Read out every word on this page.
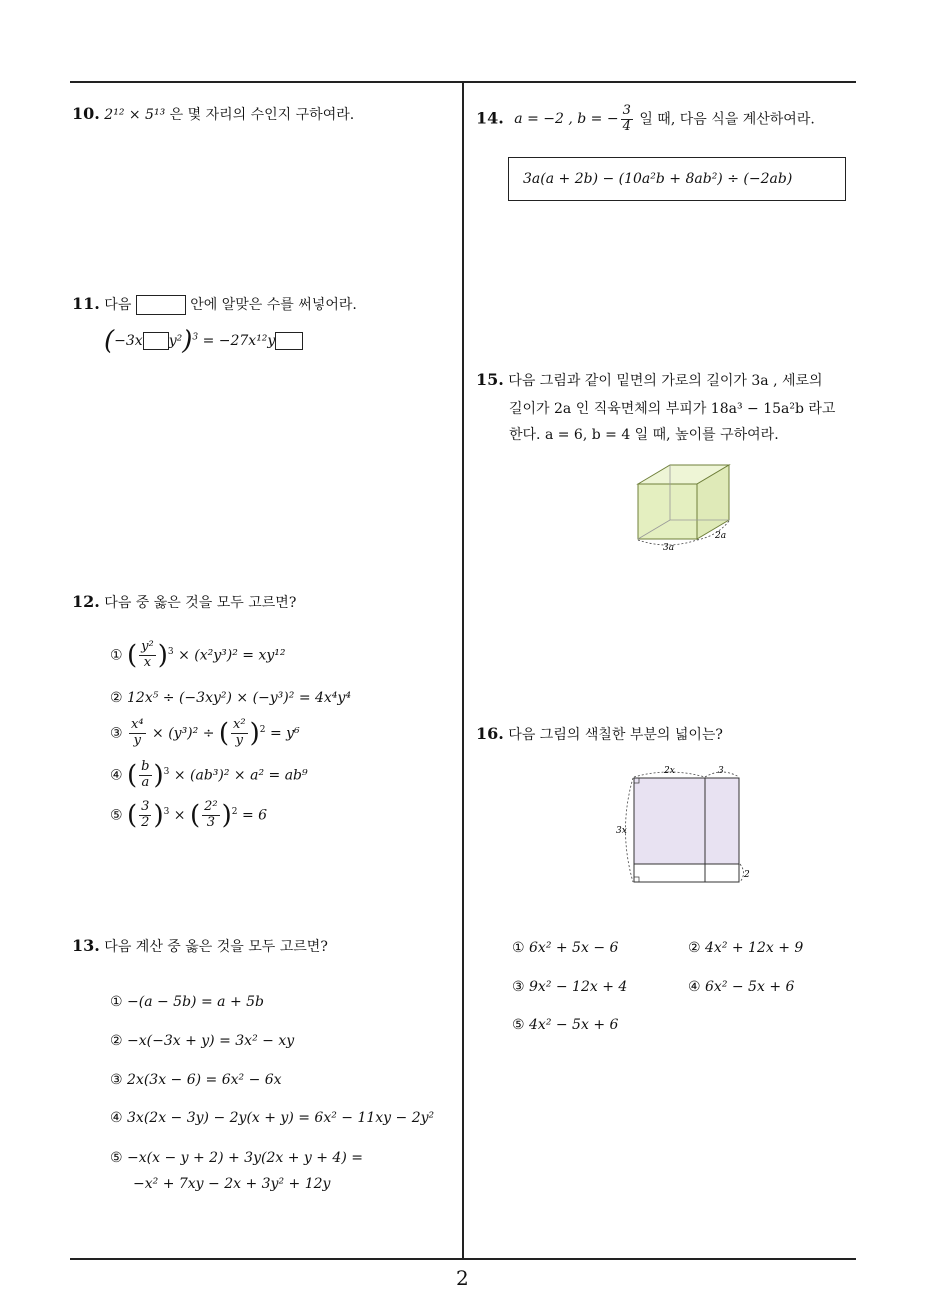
10. 2¹² × 5¹³ 은 몇 자리의 수인지 구하여라.
11. 다음	안에 알맞은 수를 써넣어라.
(−3x y²)$^3$ = −27x¹²y
12. 다음 중 옳은 것을 모두 고르면?
① ( $\frac{\text{y²}}{x} )^3 \times (x^2y^3)^2 = xy^{12}$
② 12x⁵ ÷ (−3xy²) × (−y³)² = 4x⁴y⁴
③ $\frac{\text{x⁴}}{y} \times (y^3)^2$ ÷ ( $\frac{\text{x²}}{y} )^2 = y^6$
④ ( $\frac{b}{a} )^3 \times (ab^3)^2 \times a^2 = ab^9$
⑤ ( $\frac{3}{2} )^3$ × ( $\frac{\text{2²}}{3} )^2 = 6$
13. 다음 계산 중 옳은 것을 모두 고르면?
① −(a − 5b) = a + 5b
② −x(−3x + y) = 3x² − xy
③ 2x(3x − 6) = 6x² − 6x
④ 3x(2x − 3y) − 2y(x + y) = 6x² − 11xy − 2y²
⑤ −x(x − y + 2) + 3y(2x + y + 4) =
−x² + 7xy − 2x + 3y² + 12y
14. a = −2 , b = − $\frac{3}{4}$ 일 때, 다음 식을 계산하여라.
3a(a + 2b) − (10a²b + 8ab²) ÷ (−2ab)
15. 다음 그림과 같이 밑면의 가로의 길이가 3a , 세로의
길이가 2a 인 직육면체의 부피가 18a³ − 15a²b 라고
한다. a = 6, b = 4 일 때, 높이를 구하여라.
3a
2a
16. 다음 그림의 색칠한 부분의 넓이는?
2x	3
3x
2
① 6x² + 5x − 6	② 4x² + 12x + 9
③ 9x² − 12x + 4	④ 6x² − 5x + 6
⑤ 4x² − 5x + 6
2
